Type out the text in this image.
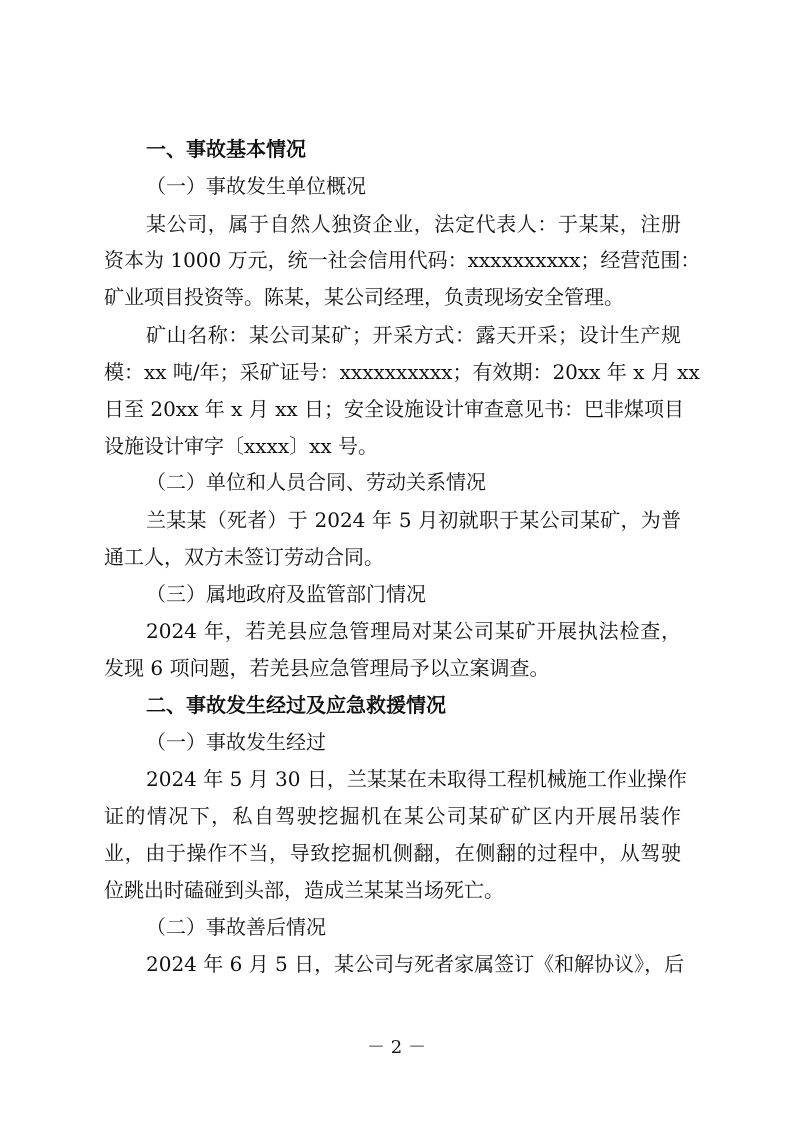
一、事故基本情况
（一）事故发生单位概况
某公司，属于自然人独资企业，法定代表人：于某某，注册
资本为 1000 万元，统一社会信用代码：xxxxxxxxxx；经营范围：
矿业项目投资等。陈某，某公司经理，负责现场安全管理。
矿山名称：某公司某矿；开采方式：露天开采；设计生产规
模：xx 吨/年；采矿证号：xxxxxxxxxx；有效期：20xx 年 x 月 xx
日至 20xx 年 x 月 xx 日；安全设施设计审查意见书：巴非煤项目
设施设计审字〔xxxx〕xx 号。
（二）单位和人员合同、劳动关系情况
兰某某（死者）于 2024 年 5 月初就职于某公司某矿，为普
通工人，双方未签订劳动合同。
（三）属地政府及监管部门情况
2024 年，若羌县应急管理局对某公司某矿开展执法检查，
发现 6 项问题，若羌县应急管理局予以立案调查。
二、事故发生经过及应急救援情况
（一）事故发生经过
2024 年 5 月 30 日，兰某某在未取得工程机械施工作业操作
证的情况下，私自驾驶挖掘机在某公司某矿矿区内开展吊装作
业，由于操作不当，导致挖掘机侧翻，在侧翻的过程中，从驾驶
位跳出时磕碰到头部，造成兰某某当场死亡。
（二）事故善后情况
2024 年 6 月 5 日，某公司与死者家属签订《和解协议》，后
－ 2 －
